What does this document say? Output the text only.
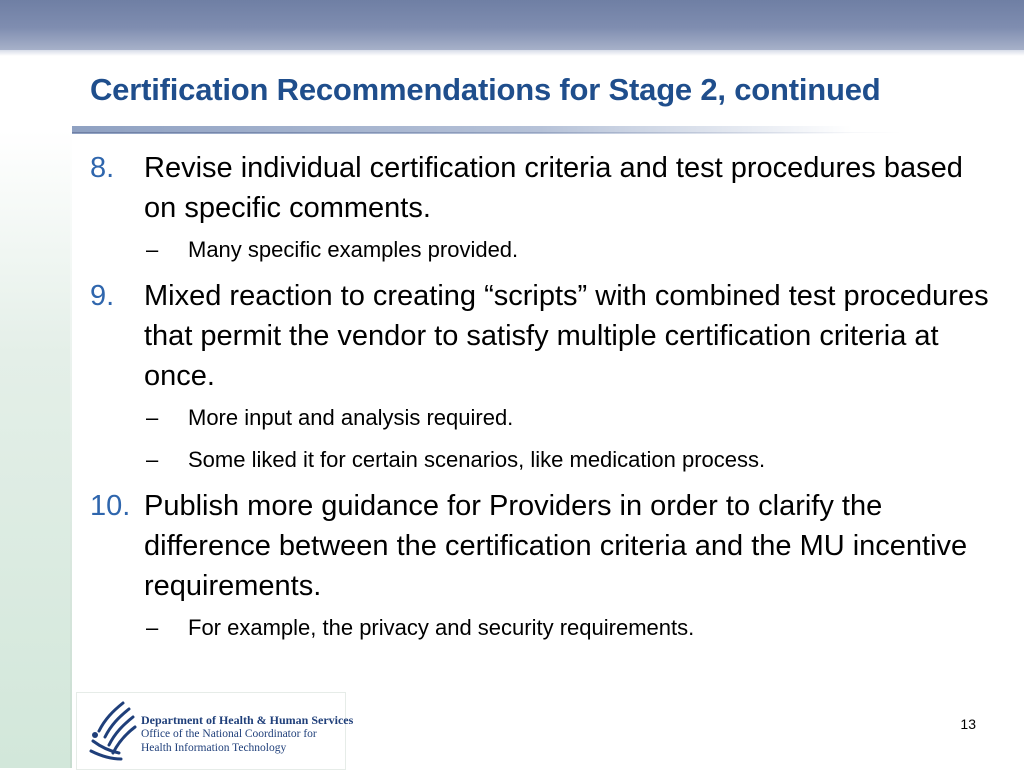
Certification Recommendations for Stage 2, continued
8.	Revise individual certification criteria and test procedures based on specific comments.
–	Many specific examples provided.
9.	Mixed reaction to creating “scripts” with combined test procedures that permit the vendor to satisfy multiple certification criteria at once.
–	More input and analysis required.
–	Some liked it for certain scenarios, like medication process.
10. Publish more guidance for Providers in order to clarify the difference between the certification criteria and the MU incentive requirements.
–	For example, the privacy and security requirements.
Department of Health & Human Services
Office of the National Coordinator for
Health Information Technology
13
